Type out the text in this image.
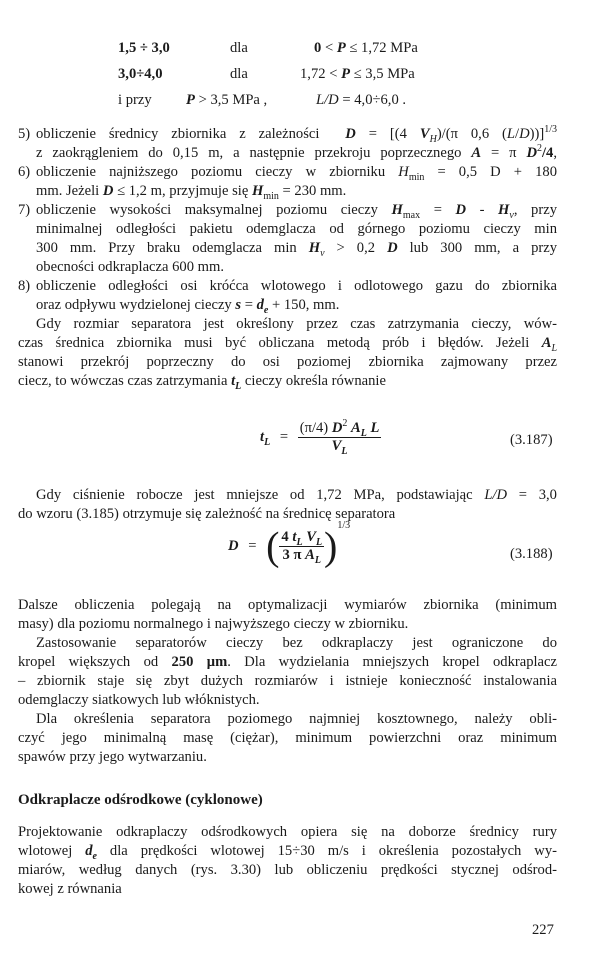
1,5 ÷ 3,0	dla	0 < P ≤ 1,72 MPa
3,0÷4,0	dla	1,72 < P ≤ 3,5 MPa
i przy P > 3,5 MPa ,	L/D = 4,0÷6,0 .
5) obliczenie średnicy zbiornika z zależności  D = [(4 $V_H)/(\pi$ 0,6 (L/D))]$^{1/3}$
z zaokrągleniem do 0,15 m, a następnie przekroju poprzecznego A = π $D^2/4$,
6) obliczenie najniższego poziomu cieczy w zbiorniku $H_{min} = 0,5$ D + 180
mm. Jeżeli D ≤ 1,2 m, przyjmuje się $H_{min} = 230$ mm.
7) obliczenie wysokości maksymalnej poziomu cieczy $H_{max} = D - H_v$, przy
minimalnej odległości pakietu odemglacza od górnego poziomu cieczy min
300 mm. Przy braku odemglacza $\min H_v > 0,2$ D lub 300 mm, a przy
obecności odkraplacza 600 mm.
8) obliczenie odległości osi króćca wlotowego i odlotowego gazu do zbiornika
oraz odpływu wydzielonej cieczy $s = d_e + 150$, mm.
Gdy rozmiar separatora jest określony przez czas zatrzymania cieczy, wów-
czas średnica zbiornika musi być obliczana metodą prób i błędów. Jeżeli $A_L$
stanowi przekrój poprzeczny do osi poziomej zbiornika zajmowany przez
ciecz, to wówczas czas zatrzymania $t_L$ cieczy określa równanie
$t_L = \frac{(\pi/4) D^2 A_L L}{V_L}$	(3.187)
Gdy ciśnienie robocze jest mniejsze od 1,72 MPa, podstawiając L/D = 3,0
do wzoru (3.185) otrzymuje się zależność na średnicę separatora
D = ( $\frac{4 t_L V_L}{3 \pi A_L} )^{1/3}$
(3.188)
Dalsze obliczenia polegają na optymalizacji wymiarów zbiornika (minimum
masy) dla poziomu normalnego i najwyższego cieczy w zbiorniku.
Zastosowanie separatorów cieczy bez odkraplaczy jest ograniczone do
kropel większych od 250 μm. Dla wydzielania mniejszych kropel odkraplacz
– zbiornik staje się zbyt dużych rozmiarów i istnieje konieczność instalowania
odemglaczy siatkowych lub włóknistych.
Dla określenia separatora poziomego najmniej kosztownego, należy obli-
czyć jego minimalną masę (ciężar), minimum powierzchni oraz minimum
spawów przy jego wytwarzaniu.
Odkraplacze odśrodkowe (cyklonowe)
Projektowanie odkraplaczy odśrodkowych opiera się na doborze średnicy rury
wlotowej $d_e$ dla prędkości wlotowej 15÷30 m/s i określenia pozostałych wy-
miarów, według danych (rys. 3.30) lub obliczeniu prędkości stycznej odśrod-
kowej z równania
227
